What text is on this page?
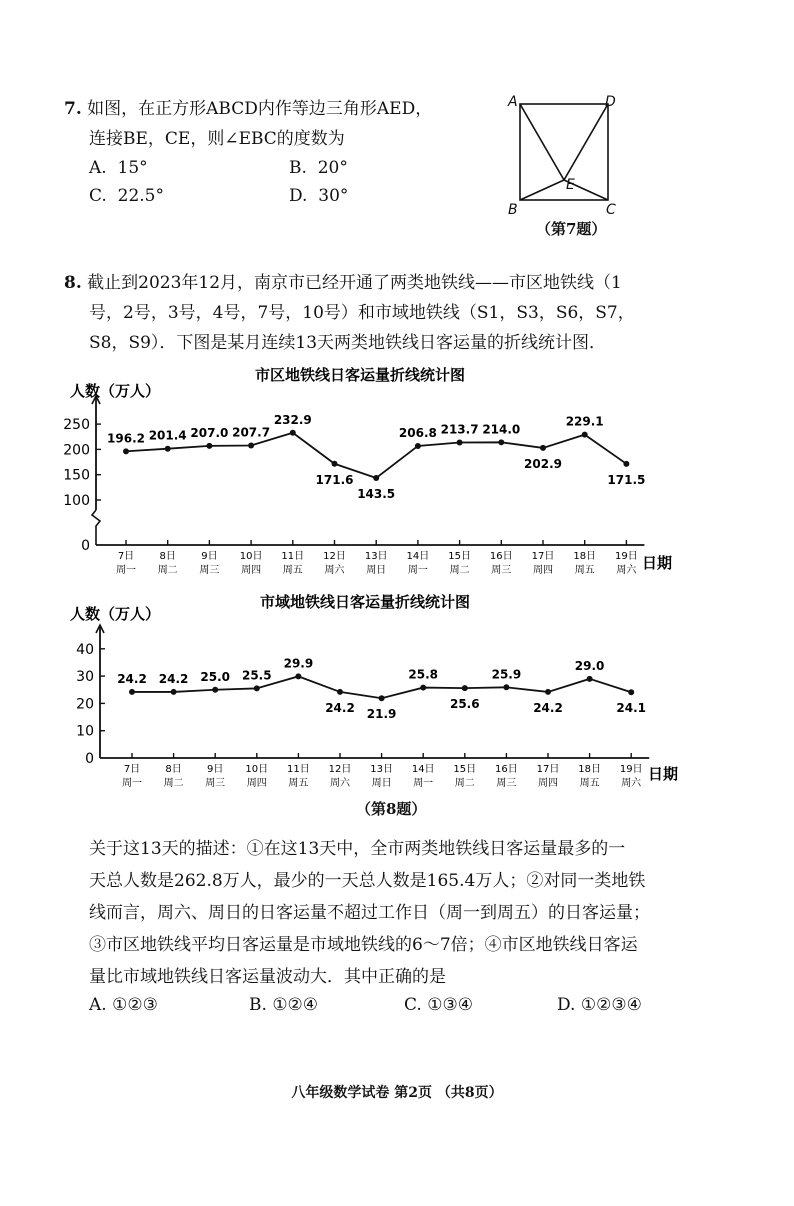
7. 如图，在正方形ABCD内作等边三角形AED，
连接BE，CE，则∠EBC的度数为
A. 15°	B. 20°
C. 22.5°	D. 30°
A	D
B	C
E
（第7题）
8. 截止到2023年12月，南京市已经开通了两类地铁线——市区地铁线（1
号，2号，3号，4号，7号，10号）和市域地铁线（S1，S3，S6，S7，
S8，S9）．下图是某月连续13天两类地铁线日客运量的折线统计图．
市区地铁线日客运量折线统计图
人数（万人）
日期
0
100
150
200
250
7日
周一
8日
周二
9日
周三
10日
周四
11日
周五
12日
周六
13日
周日
14日
周一
15日
周二
16日
周三
17日
周四
18日
周五
19日
周六
196.2 201.4 207.0 207.7
232.9
171.6
143.5
206.8 213.7 214.0
202.9
229.1
171.5
市域地铁线日客运量折线统计图
人数（万人）
日期
0
10
20
30
40
7日
周一
8日
周二
9日
周三
10日
周四
11日
周五
12日
周六
13日
周日
14日
周一
15日
周二
16日
周三
17日
周四
18日
周五
19日
周六
24.2 24.2 25.0 25.5
29.9
24.2 21.9
25.8
25.6
25.9
24.2
29.0
24.1
（第8题）
关于这13天的描述：①在这13天中，全市两类地铁线日客运量最多的一
天总人数是262.8万人，最少的一天总人数是165.4万人；②对同一类地铁
线而言，周六、周日的日客运量不超过工作日（周一到周五）的日客运量；
③市区地铁线平均日客运量是市域地铁线的6～7倍；④市区地铁线日客运
量比市域地铁线日客运量波动大．其中正确的是
A. ①②③	B. ①②④	C. ①③④	D. ①②③④
八年级数学试卷 第2页 （共8页）
